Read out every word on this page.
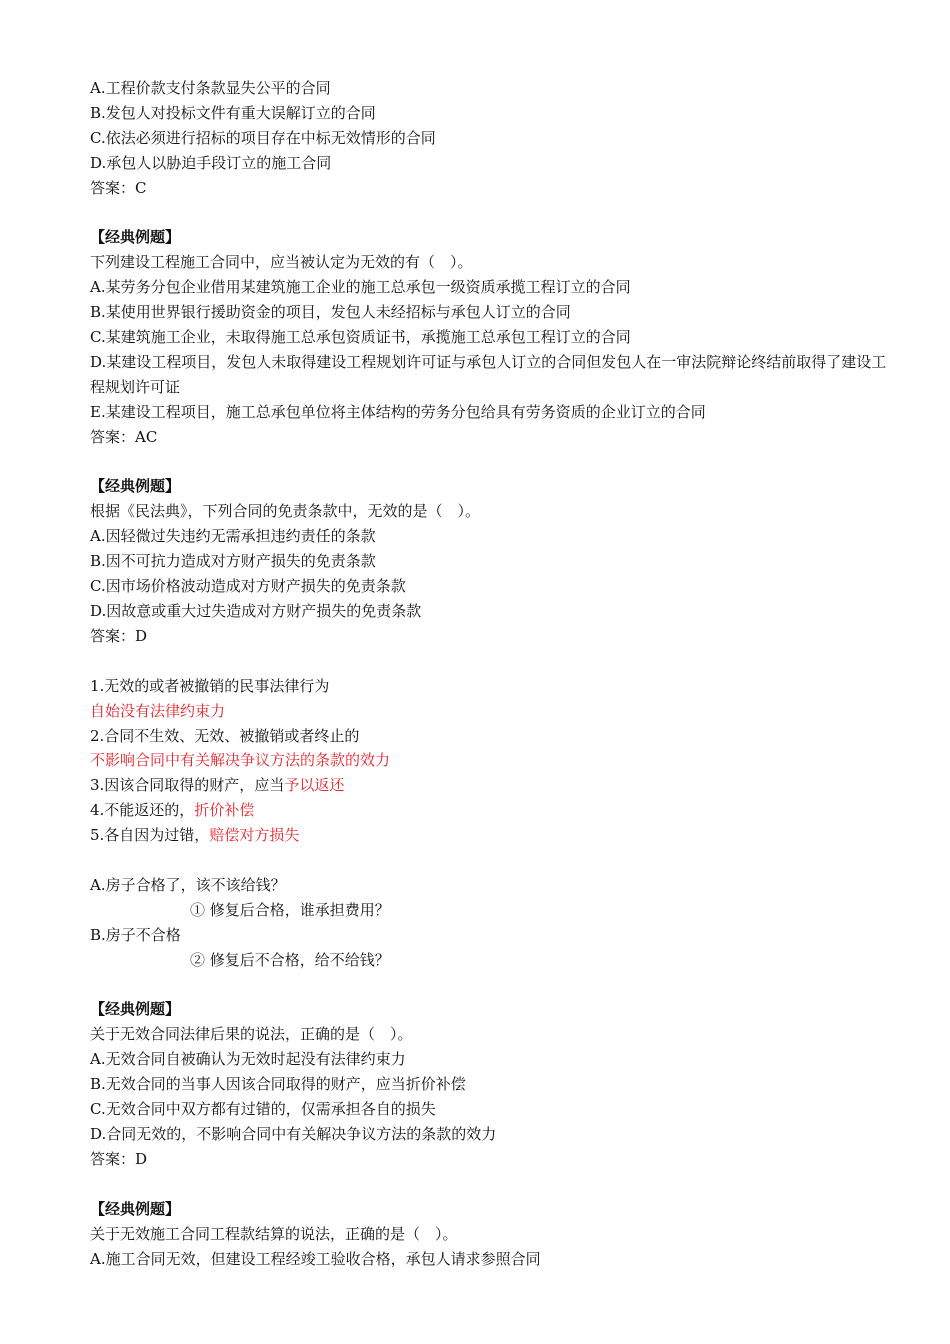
A.工程价款支付条款显失公平的合同
B.发包人对投标文件有重大误解订立的合同
C.依法必须进行招标的项目存在中标无效情形的合同
D.承包人以胁迫手段订立的施工合同
答案：C
【经典例题】
下列建设工程施工合同中，应当被认定为无效的有（　）。
A.某劳务分包企业借用某建筑施工企业的施工总承包一级资质承揽工程订立的合同
B.某使用世界银行援助资金的项目，发包人未经招标与承包人订立的合同
C.某建筑施工企业，未取得施工总承包资质证书，承揽施工总承包工程订立的合同
D.某建设工程项目，发包人未取得建设工程规划许可证与承包人订立的合同但发包人在一审法院辩论终结前取得了建设工程规划许可证
E.某建设工程项目，施工总承包单位将主体结构的劳务分包给具有劳务资质的企业订立的合同
答案：AC
【经典例题】
根据《民法典》，下列合同的免责条款中，无效的是（　）。
A.因轻微过失违约无需承担违约责任的条款
B.因不可抗力造成对方财产损失的免责条款
C.因市场价格波动造成对方财产损失的免责条款
D.因故意或重大过失造成对方财产损失的免责条款
答案：D
1.无效的或者被撤销的民事法律行为
自始没有法律约束力
2.合同不生效、无效、被撤销或者终止的
不影响合同中有关解决争议方法的条款的效力
3.因该合同取得的财产，应当予以返还
4.不能返还的，折价补偿
5.各自因为过错，赔偿对方损失
A.房子合格了，该不该给钱？
① 修复后合格，谁承担费用？
B.房子不合格
② 修复后不合格，给不给钱？
【经典例题】
关于无效合同法律后果的说法，正确的是（　）。
A.无效合同自被确认为无效时起没有法律约束力
B.无效合同的当事人因该合同取得的财产，应当折价补偿
C.无效合同中双方都有过错的，仅需承担各自的损失
D.合同无效的，不影响合同中有关解决争议方法的条款的效力
答案：D
【经典例题】
关于无效施工合同工程款结算的说法，正确的是（　）。
A.施工合同无效，但建设工程经竣工验收合格，承包人请求参照合同
